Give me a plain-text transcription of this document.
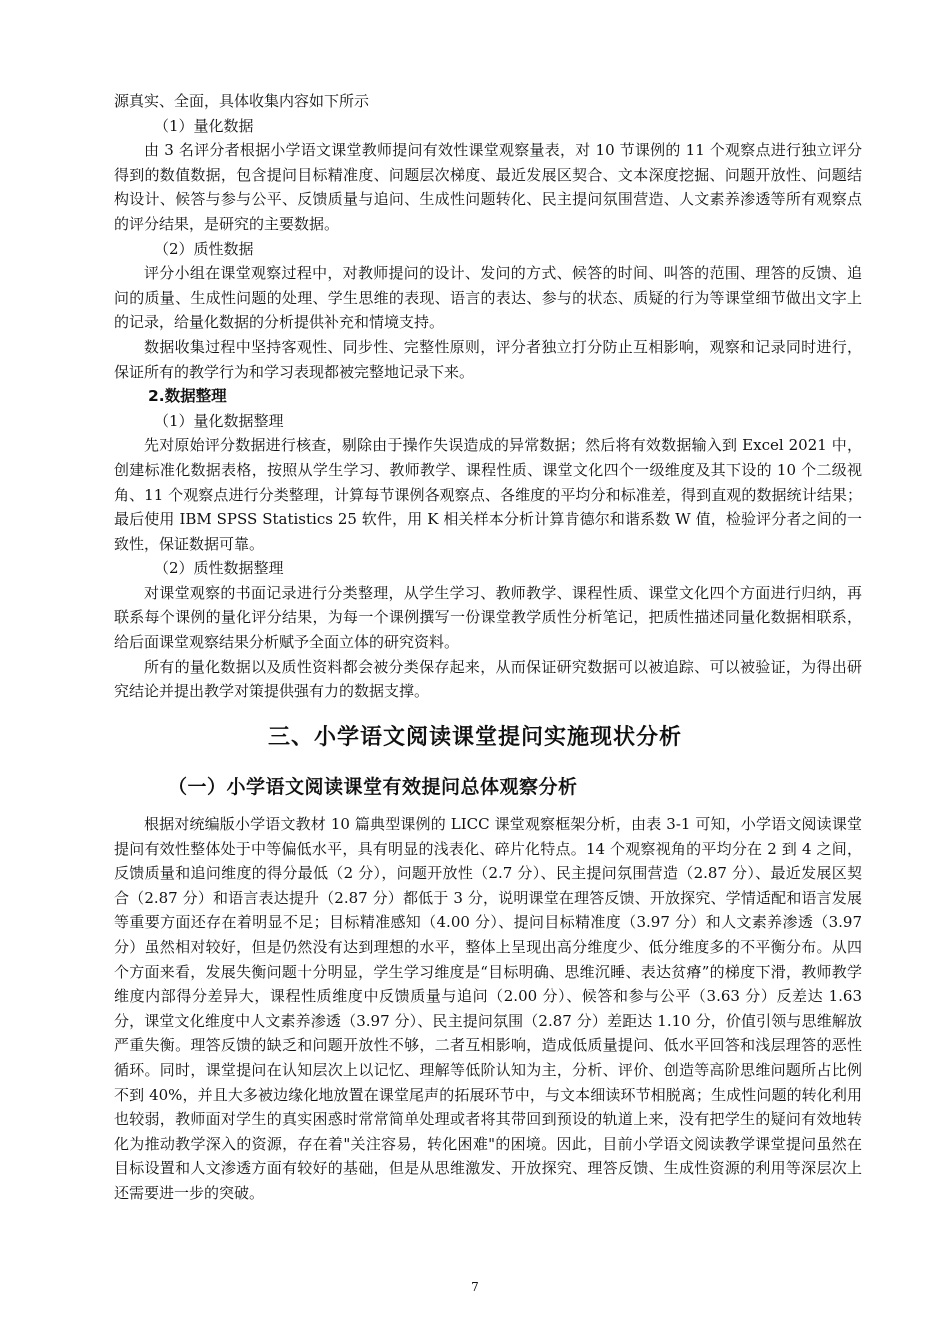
源真实、全面，具体收集内容如下所示

（1）量化数据

由 3 名评分者根据小学语文课堂教师提问有效性课堂观察量表，对 10 节课例的 11 个观察点进行独立评分得到的数值数据，包含提问目标精准度、问题层次梯度、最近发展区契合、文本深度挖掘、问题开放性、问题结构设计、候答与参与公平、反馈质量与追问、生成性问题转化、民主提问氛围营造、人文素养渗透等所有观察点的评分结果，是研究的主要数据。

（2）质性数据

评分小组在课堂观察过程中，对教师提问的设计、发问的方式、候答的时间、叫答的范围、理答的反馈、追问的质量、生成性问题的处理、学生思维的表现、语言的表达、参与的状态、质疑的行为等课堂细节做出文字上的记录，给量化数据的分析提供补充和情境支持。

数据收集过程中坚持客观性、同步性、完整性原则，评分者独立打分防止互相影响，观察和记录同时进行，保证所有的教学行为和学习表现都被完整地记录下来。

2.数据整理

（1）量化数据整理

先对原始评分数据进行核查，剔除由于操作失误造成的异常数据；然后将有效数据输入到 Excel 2021 中，创建标准化数据表格，按照从学生学习、教师教学、课程性质、课堂文化四个一级维度及其下设的 10 个二级视角、11 个观察点进行分类整理，计算每节课例各观察点、各维度的平均分和标准差，得到直观的数据统计结果；最后使用 IBM SPSS Statistics 25 软件，用 K 相关样本分析计算肯德尔和谐系数 W 值，检验评分者之间的一致性，保证数据可靠。

（2）质性数据整理

对课堂观察的书面记录进行分类整理，从学生学习、教师教学、课程性质、课堂文化四个方面进行归纳，再联系每个课例的量化评分结果，为每一个课例撰写一份课堂教学质性分析笔记，把质性描述同量化数据相联系，给后面课堂观察结果分析赋予全面立体的研究资料。

所有的量化数据以及质性资料都会被分类保存起来，从而保证研究数据可以被追踪、可以被验证，为得出研究结论并提出教学对策提供强有力的数据支撑。

三、小学语文阅读课堂提问实施现状分析
（一）小学语文阅读课堂有效提问总体观察分析

根据对统编版小学语文教材 10 篇典型课例的 LICC 课堂观察框架分析，由表 3-1 可知，小学语文阅读课堂提问有效性整体处于中等偏低水平，具有明显的浅表化、碎片化特点。14 个观察视角的平均分在 2 到 4 之间，反馈质量和追问维度的得分最低（2 分），问题开放性（2.7 分）、民主提问氛围营造（2.87 分）、最近发展区契合（2.87 分）和语言表达提升（2.87 分）都低于 3 分，说明课堂在理答反馈、开放探究、学情适配和语言发展等重要方面还存在着明显不足；目标精准感知（4.00 分）、提问目标精准度（3.97 分）和人文素养渗透（3.97 分）虽然相对较好，但是仍然没有达到理想的水平，整体上呈现出高分维度少、低分维度多的不平衡分布。从四个方面来看，发展失衡问题十分明显，学生学习维度是“目标明确、思维沉睡、表达贫瘠”的梯度下滑，教师教学维度内部得分差异大，课程性质维度中反馈质量与追问（2.00 分）、候答和参与公平（3.63 分）反差达 1.63 分，课堂文化维度中人文素养渗透（3.97 分）、民主提问氛围（2.87 分）差距达 1.10 分，价值引领与思维解放严重失衡。理答反馈的缺乏和问题开放性不够，二者互相影响，造成低质量提问、低水平回答和浅层理答的恶性循环。同时，课堂提问在认知层次上以记忆、理解等低阶认知为主，分析、评价、创造等高阶思维问题所占比例不到 40%，并且大多被边缘化地放置在课堂尾声的拓展环节中，与文本细读环节相脱离；生成性问题的转化利用也较弱，教师面对学生的真实困惑时常常简单处理或者将其带回到预设的轨道上来，没有把学生的疑问有效地转化为推动教学深入的资源，存在着"关注容易，转化困难"的困境。因此，目前小学语文阅读教学课堂提问虽然在目标设置和人文渗透方面有较好的基础，但是从思维激发、开放探究、理答反馈、生成性资源的利用等深层次上还需要进一步的突破。

7
